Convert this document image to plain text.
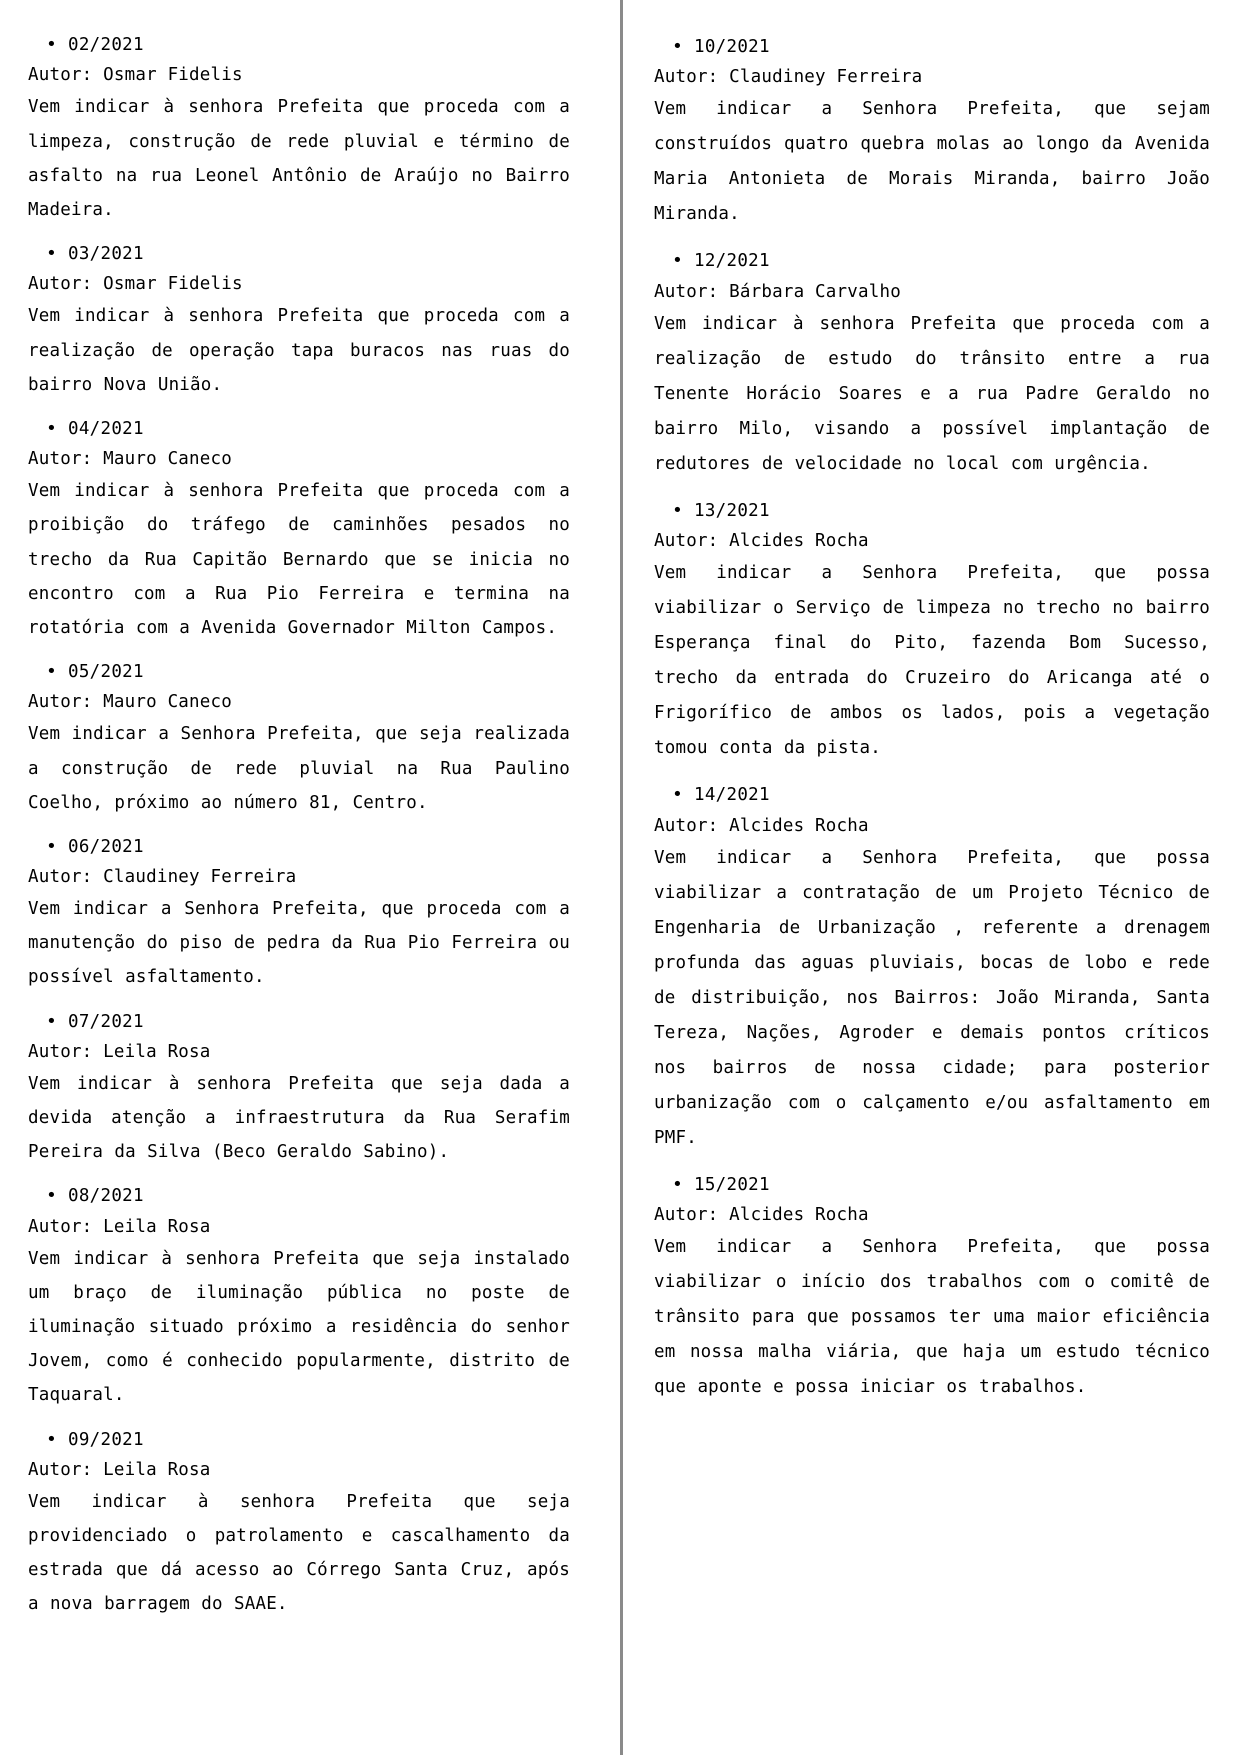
• 02/2021
Autor: Osmar Fidelis
Vem indicar à senhora Prefeita que proceda com a limpeza, construção de rede pluvial e término de asfalto na rua Leonel Antônio de Araújo no Bairro Madeira.
• 03/2021
Autor: Osmar Fidelis
Vem indicar à senhora Prefeita que proceda com a realização de operação tapa buracos nas ruas do bairro Nova União.
• 04/2021
Autor: Mauro Caneco
Vem indicar à senhora Prefeita que proceda com a proibição do tráfego de caminhões pesados no trecho da Rua Capitão Bernardo que se inicia no encontro com a Rua Pio Ferreira e termina na rotatória com a Avenida Governador Milton Campos.
• 05/2021
Autor: Mauro Caneco
Vem indicar a Senhora Prefeita, que seja realizada a construção de rede pluvial na Rua Paulino Coelho, próximo ao número 81, Centro.
• 06/2021
Autor: Claudiney Ferreira
Vem indicar a Senhora Prefeita, que proceda com a manutenção do piso de pedra da Rua Pio Ferreira ou possível asfaltamento.
• 07/2021
Autor: Leila Rosa
Vem indicar à senhora Prefeita que seja dada a devida atenção a infraestrutura da Rua Serafim Pereira da Silva (Beco Geraldo Sabino).
• 08/2021
Autor: Leila Rosa
Vem indicar à senhora Prefeita que seja instalado um braço de iluminação pública no poste de iluminação situado próximo a residência do senhor Jovem, como é conhecido popularmente, distrito de Taquaral.
• 09/2021
Autor: Leila Rosa
Vem indicar à senhora Prefeita que seja providenciado o patrolamento e cascalhamento da estrada que dá acesso ao Córrego Santa Cruz, após a nova barragem do SAAE.
• 10/2021
Autor: Claudiney Ferreira
Vem indicar a Senhora Prefeita, que sejam construídos quatro quebra molas ao longo da Avenida Maria Antonieta de Morais Miranda, bairro João Miranda.
• 12/2021
Autor: Bárbara Carvalho
Vem indicar à senhora Prefeita que proceda com a realização de estudo do trânsito entre a rua Tenente Horácio Soares e a rua Padre Geraldo no bairro Milo, visando a possível implantação de redutores de velocidade no local com urgência.
• 13/2021
Autor: Alcides Rocha
Vem indicar a Senhora Prefeita, que possa viabilizar o Serviço de limpeza no trecho no bairro Esperança final do Pito, fazenda Bom Sucesso, trecho da entrada do Cruzeiro do Aricanga até o Frigorífico de ambos os lados, pois a vegetação tomou conta da pista.
• 14/2021
Autor: Alcides Rocha
Vem indicar a Senhora Prefeita, que possa viabilizar a contratação de um Projeto Técnico de Engenharia de Urbanização , referente a drenagem profunda das aguas pluviais, bocas de lobo e rede de distribuição, nos Bairros: João Miranda, Santa Tereza, Nações, Agroder e demais pontos críticos nos bairros de nossa cidade; para posterior urbanização com o calçamento e/ou asfaltamento em PMF.
• 15/2021
Autor: Alcides Rocha
Vem indicar a Senhora Prefeita, que possa viabilizar o início dos trabalhos com o comitê de trânsito para que possamos ter uma maior eficiência em nossa malha viária, que haja um estudo técnico que aponte e possa iniciar os trabalhos.
